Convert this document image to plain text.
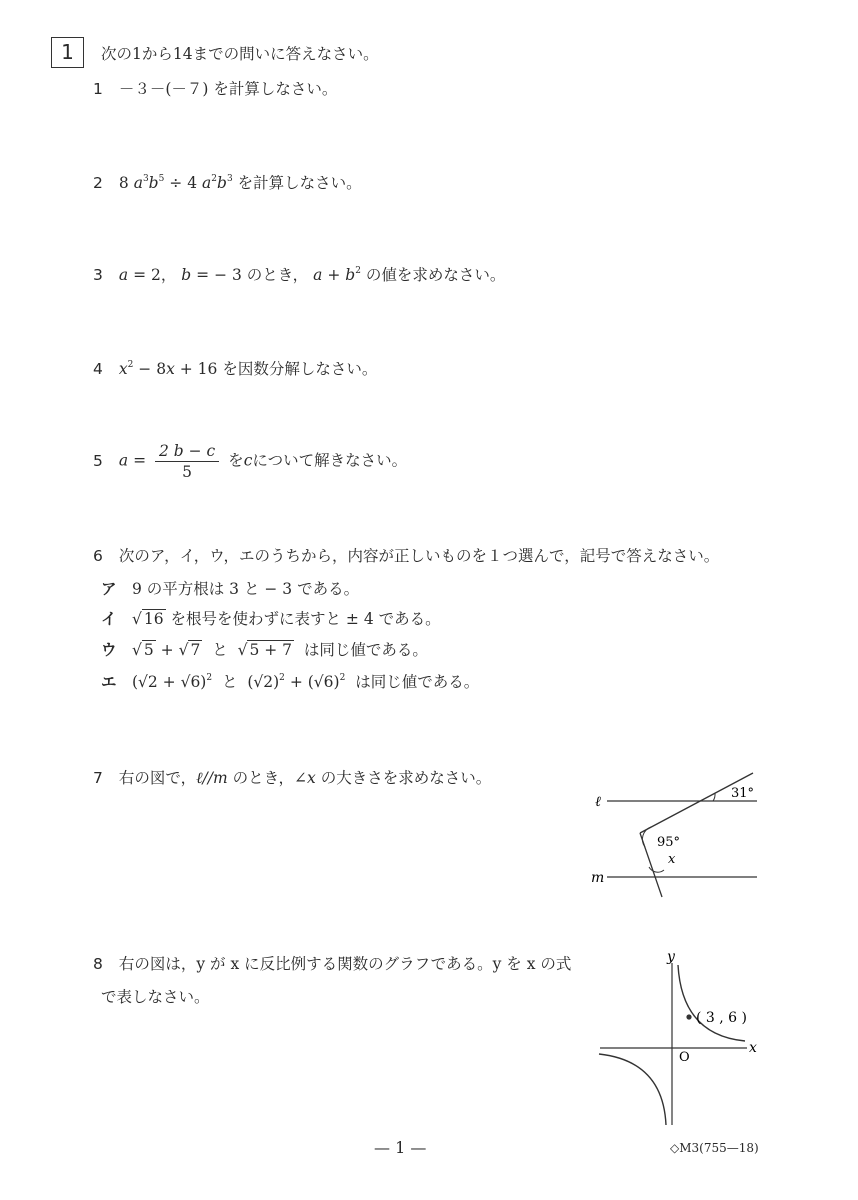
1	次の1から14までの問いに答えなさい。
1 －３－(－７) を計算しなさい。
2 8 $a^3b^5 \div 4$ $a^2b^3$ を計算しなさい。
3 a = 2， b = − 3 のとき， $a + b^2$ の値を求めなさい。
4 $x^2 - 8x + 16$ を因数分解しなさい。
5 $a = \frac{2 b - c}{5}$ をcについて解きなさい。
6 次のア，イ，ウ，エのうちから，内容が正しいものを１つ選んで，記号で答えなさい。
ア 9 の平方根は 3 と − 3 である。
イ √ 16 を根号を使わずに表すと ± 4 である。
ウ √ 5 + √ 7 と √ 5 + 7 は同じ値である。
エ $(√2 + √6)^2$ と $(√2)^2 + (√6)^2$ は同じ値である。
7 右の図で，ℓ//m のとき，∠x の大きさを求めなさい。
ℓ
m
31°
95°
x
8 右の図は，y が x に反比例する関数のグラフである。y を x の式
で表しなさい。
y
x
O
( 3 , 6 )
— 1 —	◇M3(755—18)
